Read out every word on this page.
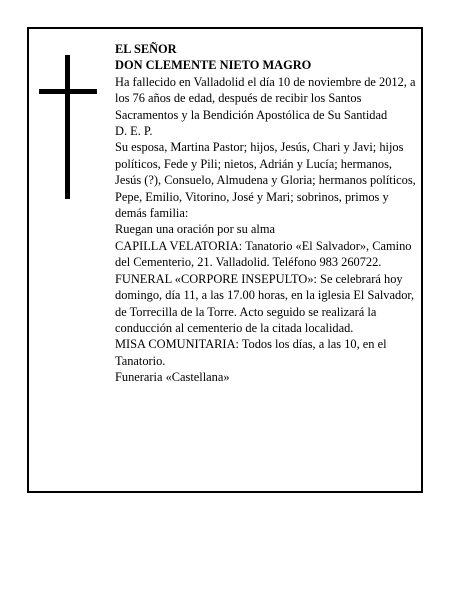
EL SEÑOR

DON CLEMENTE NIETO MAGRO

Ha fallecido en Valladolid el día 10 de noviembre de 2012, a los 76 años de edad, después de recibir los Santos Sacramentos y la Bendición Apostólica de Su Santidad

D. E. P.

Su esposa, Martina Pastor; hijos, Jesús, Chari y Javi; hijos políticos, Fede y Pili; nietos, Adrián y Lucía; hermanos, Jesús (?), Consuelo, Almudena y Gloria; hermanos políticos, Pepe, Emilio, Vitorino, José y Mari; sobrinos, primos y demás familia:

Ruegan una oración por su alma

CAPILLA VELATORIA: Tanatorio «El Salvador», Camino del Cementerio, 21. Valladolid. Teléfono 983 260722.

FUNERAL «CORPORE INSEPULTO»: Se celebrará hoy domingo, día 11, a las 17.00 horas, en la iglesia El Salvador, de Torrecilla de la Torre. Acto seguido se realizará la conducción al cementerio de la citada localidad.

MISA COMUNITARIA: Todos los días, a las 10, en el Tanatorio.

Funeraria «Castellana»
